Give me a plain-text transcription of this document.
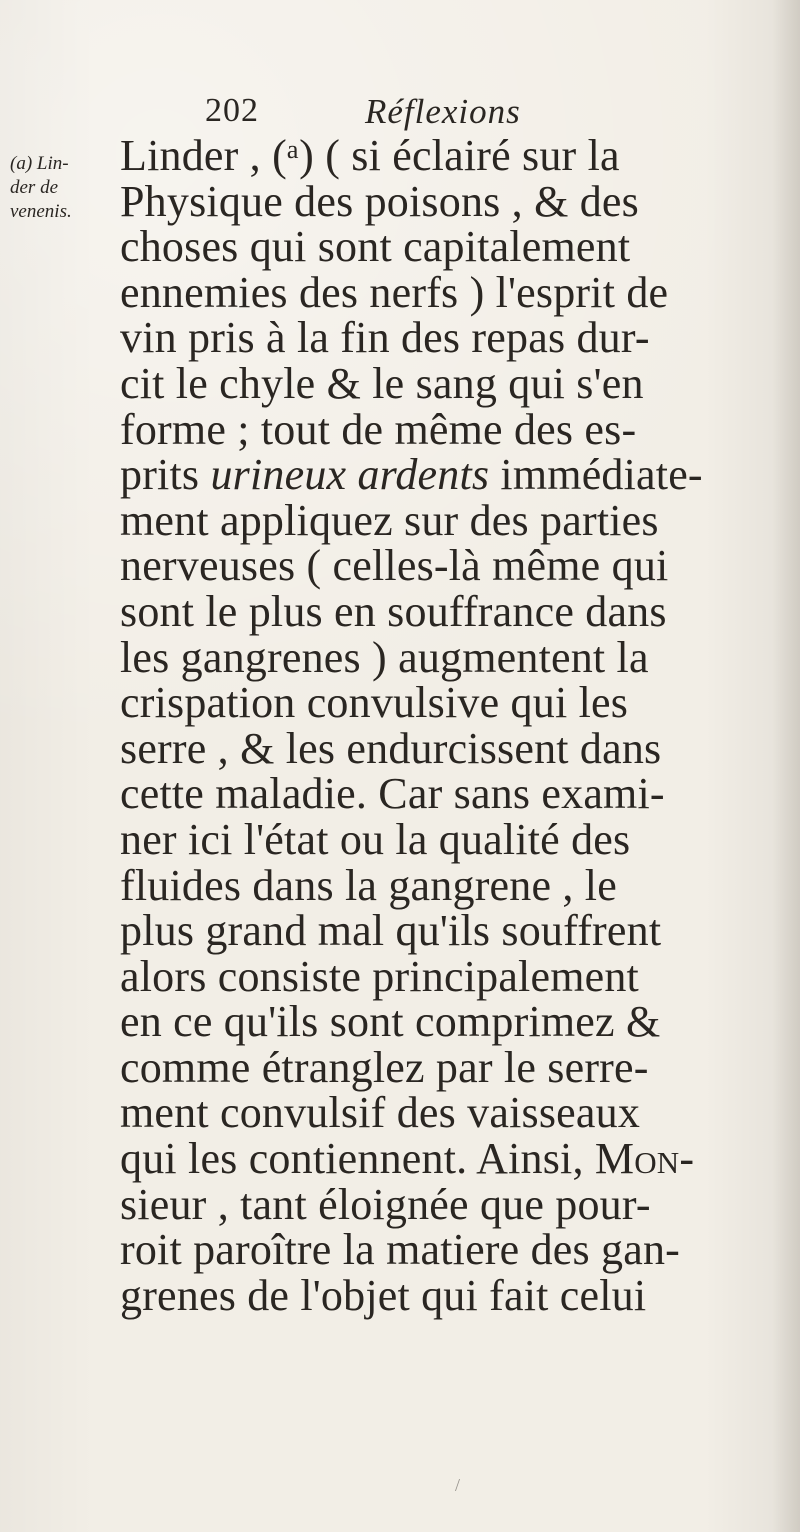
202	Réflexions
(a) Lin-
der de
venenis.
Linder , (ᵃ) ( si éclairé sur la
Physique des poisons , & des
choses qui sont capitalement
ennemies des nerfs ) l'esprit de
vin pris à la fin des repas dur-
cit le chyle & le sang qui s'en
forme ; tout de même des es-
prits urineux ardents immédiate-
ment appliquez sur des parties
nerveuses ( celles-là même qui
sont le plus en souffrance dans
les gangrenes ) augmentent la
crispation convulsive qui les
serre , & les endurcissent dans
cette maladie. Car sans exami-
ner ici l'état ou la qualité des
fluides dans la gangrene , le
plus grand mal qu'ils souffrent
alors consiste principalement
en ce qu'ils sont comprimez &
comme étranglez par le serre-
ment convulsif des vaisseaux
qui les contiennent. Ainsi, Mon-
sieur , tant éloignée que pour-
roit paroître la matiere des gan-
grenes de l'objet qui fait celui
/
